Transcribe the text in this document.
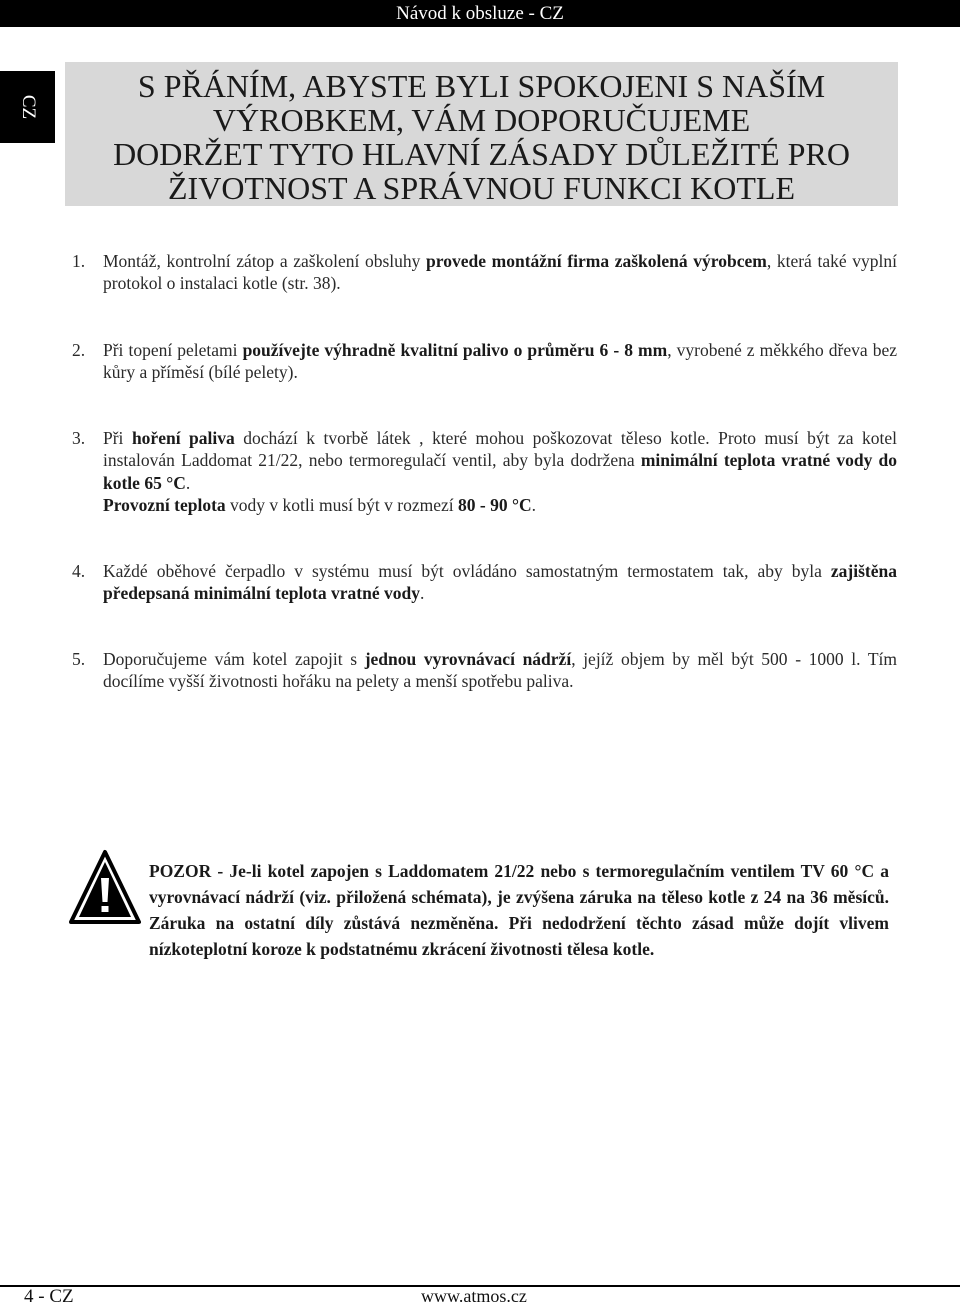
Návod k obsluze - CZ
CZ
S PŘÁNÍM, ABYSTE BYLI SPOKOJENI S NAŠÍM
VÝROBKEM, VÁM DOPORUČUJEME
DODRŽET TYTO HLAVNÍ ZÁSADY DŮLEŽITÉ PRO
ŽIVOTNOST A SPRÁVNOU FUNKCI KOTLE
1. Montáž, kontrolní zátop a zaškolení obsluhy provede montážní firma zaškolená výrobcem, která také vyplní protokol o instalaci kotle (str. 38).

2. Při topení peletami používejte výhradně kvalitní palivo o průměru 6 - 8 mm, vyrobené z měkkého dřeva bez kůry a příměsí (bílé pelety).

3. Při hoření paliva dochází k tvorbě látek , které mohou poškozovat těleso kotle. Proto musí být za kotel instalován Laddomat 21/22, nebo termoregulačí ventil, aby byla dodržena minimální teplota vratné vody do kotle 65 °C.

Provozní teplota vody v kotli musí být v rozmezí 80 - 90 °C.

4. Každé oběhové čerpadlo v systému musí být ovládáno samostatným termostatem tak, aby byla zajištěna předepsaná minimální teplota vratné vody.

5. Doporučujeme vám kotel zapojit s jednou vyrovnávací nádrží, jejíž objem by měl být 500 - 1000 l. Tím docílíme vyšší životnosti hořáku na pelety a menší spotřebu paliva.

POZOR - Je-li kotel zapojen s Laddomatem 21/22 nebo s termoregulačním ventilem TV 60 °C a vyrovnávací nádrží (viz. přiložená schémata), je zvýšena záruka na těleso kotle z 24 na 36 měsíců. Záruka na ostatní díly zůstává nezměněna. Při nedodržení těchto zásad může dojít vlivem nízkoteplotní koroze k podstatnému zkrácení životnosti tělesa kotle.
4 - CZ	www.atmos.cz
